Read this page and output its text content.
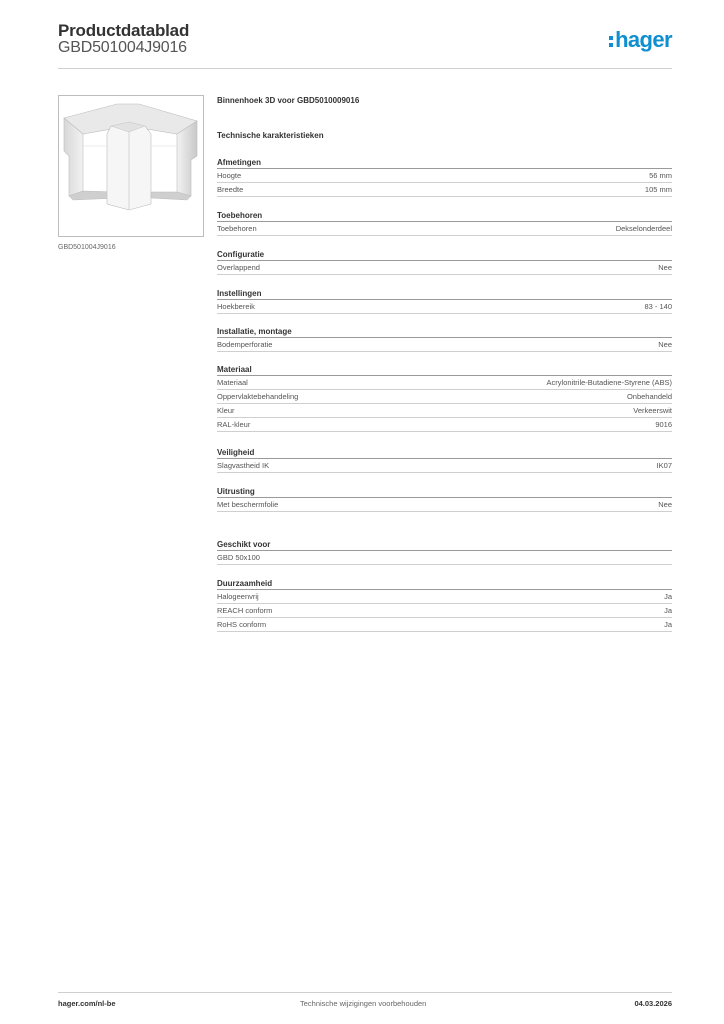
Productdatablad
GBD501004J9016	hager
GBD501004J9016
Binnenhoek 3D voor GBD5010009016
Technische karakteristieken
Afmetingen
Hoogte	56 mm
Breedte	105 mm
Toebehoren
Toebehoren	Dekselonderdeel
Configuratie
Overlappend	Nee
Instellingen
Hoekbereik	83 - 140
Installatie, montage
Bodemperforatie	Nee
Materiaal
Materiaal	Acrylonitrile-Butadiene-Styrene (ABS)
Oppervlaktebehandeling	Onbehandeld
Kleur	Verkeerswit
RAL-kleur	9016
Veiligheid
Slagvastheid IK	IK07
Uitrusting
Met beschermfolie	Nee
Geschikt voor
GBD 50x100
Duurzaamheid
Halogeenvrij	Ja
REACH conform	Ja
RoHS conform	Ja
hager.com/nl-be	Technische wijzigingen voorbehouden	04.03.2026
